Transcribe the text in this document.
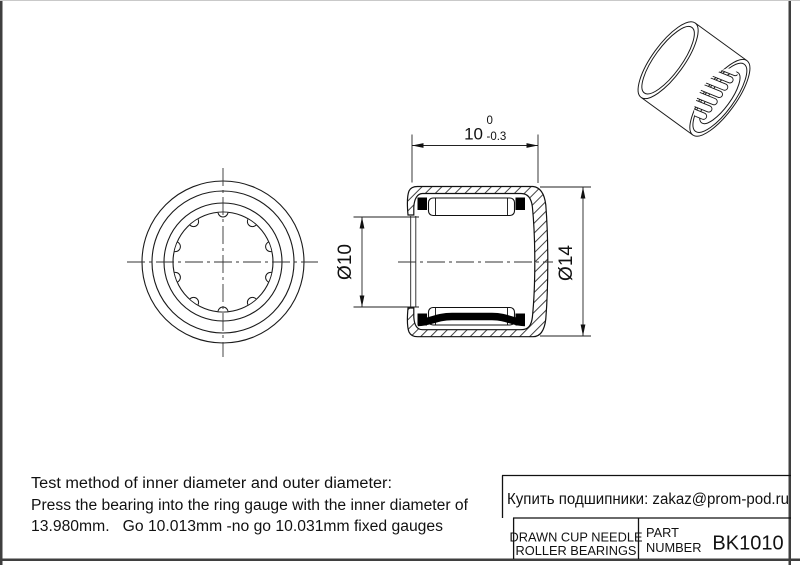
10
0
-0.3
Ø10	Ø14
Test method of inner diameter and outer diameter:
Press the bearing into the ring gauge with the inner diameter of
13.980mm.   Go 10.013mm -no go 10.031mm fixed gauges
Купить подшипники: zakaz@prom-pod.ru
DRAWN CUP NEEDLE
ROLLER BEARINGS
PART
NUMBER BK1010
